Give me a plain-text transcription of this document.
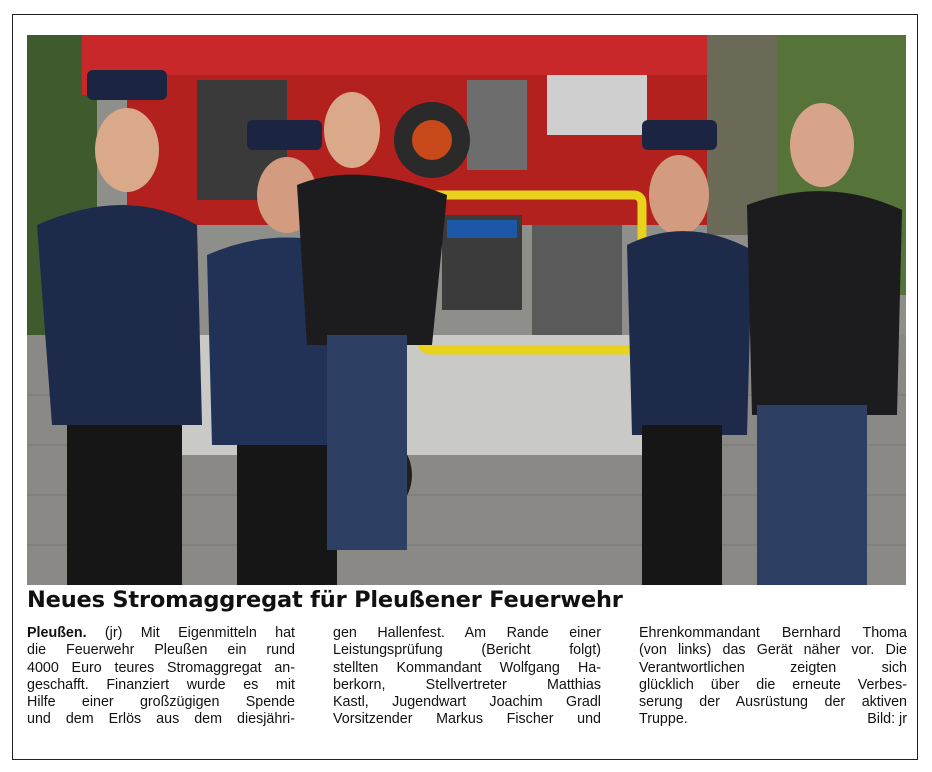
Neues Stromaggregat für Pleußener Feuerwehr
Pleußen. (jr) Mit Eigenmitteln hat
die Feuerwehr Pleußen ein rund
4000 Euro teures Stromaggregat an-
geschafft. Finanziert wurde es mit
Hilfe einer großzügigen Spende
und dem Erlös aus dem diesjähri-
gen Hallenfest. Am Rande einer
Leistungsprüfung (Bericht folgt)
stellten Kommandant Wolfgang Ha-
berkorn, Stellvertreter Matthias
Kastl, Jugendwart Joachim Gradl
Vorsitzender Markus Fischer und
Ehrenkommandant Bernhard Thoma
(von links) das Gerät näher vor. Die
Verantwortlichen zeigten sich
glücklich über die erneute Verbes-
serung der Ausrüstung der aktiven
Truppe.	Bild: jr
